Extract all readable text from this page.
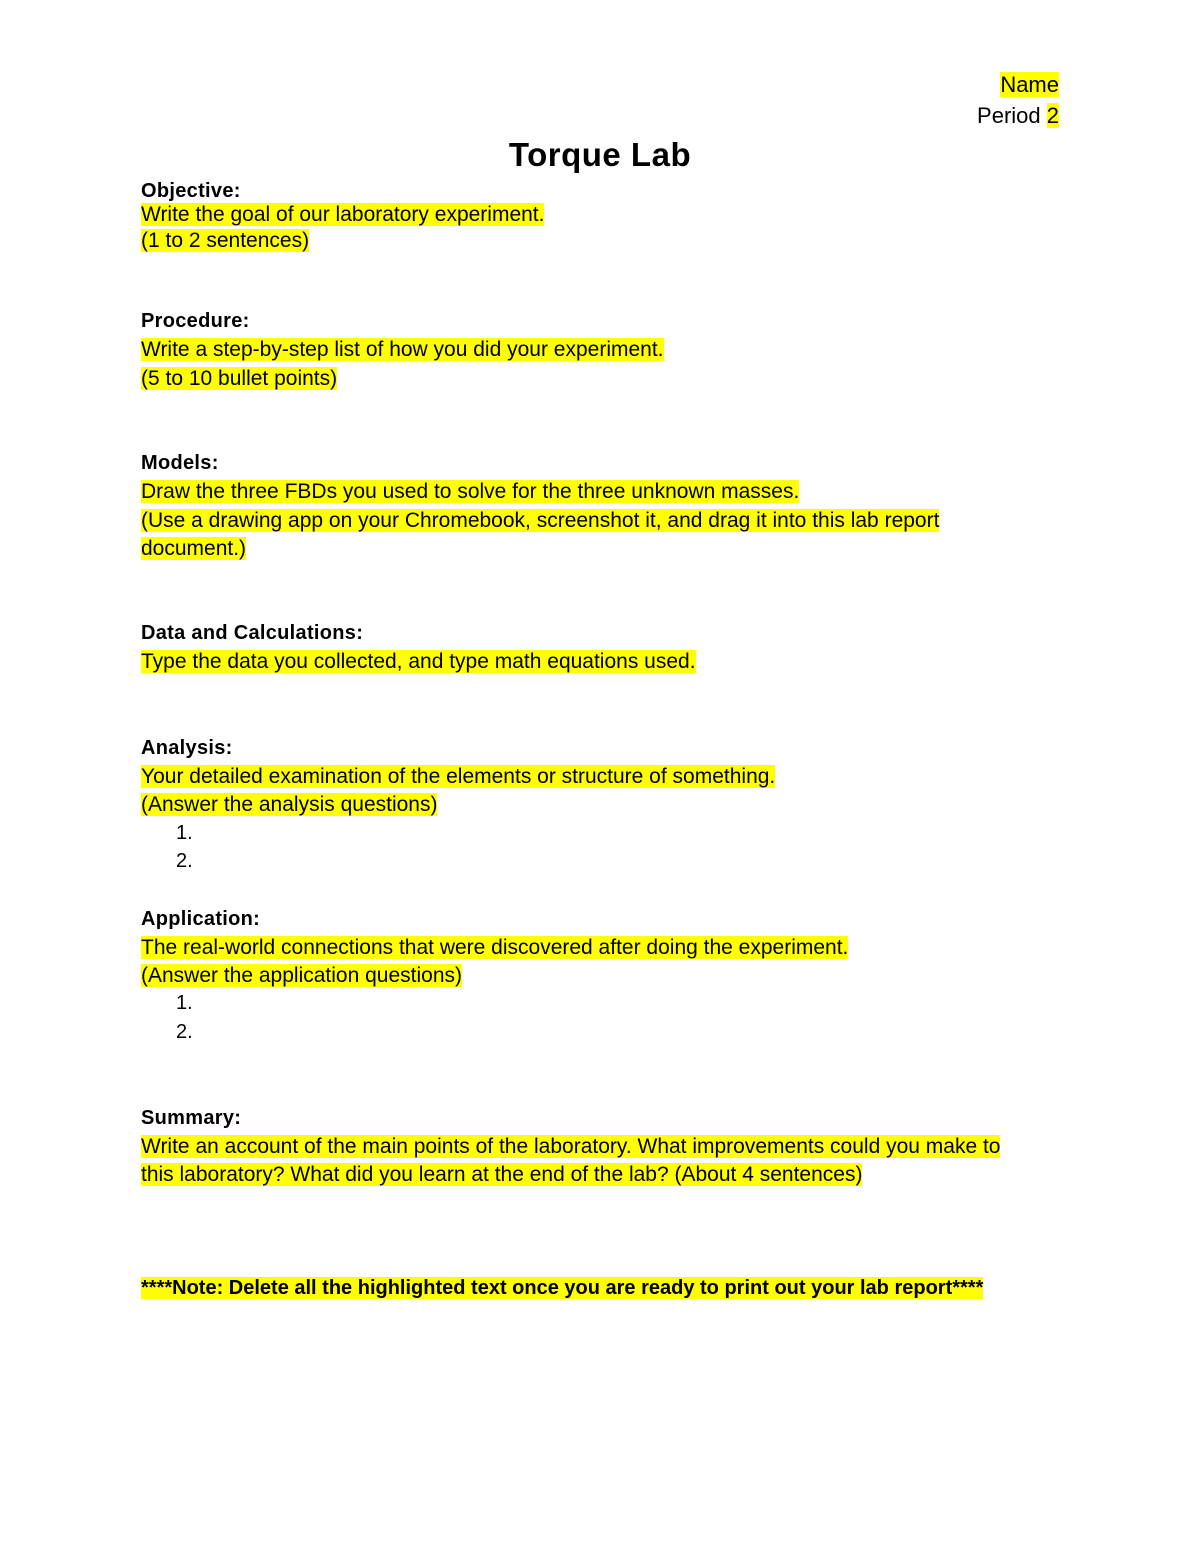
Name
Period 2
Torque Lab
Objective:
Write the goal of our laboratory experiment.
(1 to 2 sentences)
Procedure:
Write a step-by-step list of how you did your experiment.
(5 to 10 bullet points)
Models:
Draw the three FBDs you used to solve for the three unknown masses.
(Use a drawing app on your Chromebook, screenshot it, and drag it into this lab report
document.)
Data and Calculations:
Type the data you collected, and type math equations used.
Analysis:
Your detailed examination of the elements or structure of something.
(Answer the analysis questions)
1.
2.
Application:
The real-world connections that were discovered after doing the experiment.
(Answer the application questions)
1.
2.
Summary:
Write an account of the main points of the laboratory. What improvements could you make to
this laboratory? What did you learn at the end of the lab? (About 4 sentences)
****Note: Delete all the highlighted text once you are ready to print out your lab report****
